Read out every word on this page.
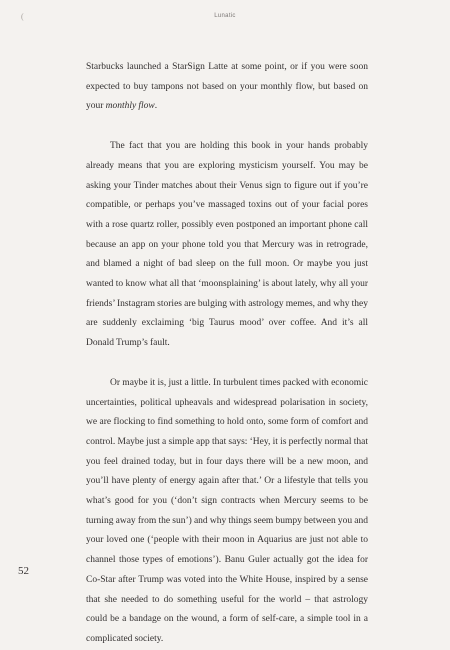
(	Lunatic

Starbucks launched a StarSign Latte at some point, or if you were soon expected to buy tampons not based on your monthly flow, but based on your monthly flow.

The fact that you are holding this book in your hands probably already means that you are exploring mysticism yourself. You may be asking your Tinder matches about their Venus sign to figure out if you’re compatible, or perhaps you’ve massaged toxins out of your facial pores with a rose quartz roller, possibly even postponed an important phone call because an app on your phone told you that Mercury was in retrograde, and blamed a night of bad sleep on the full moon. Or maybe you just wanted to know what all that ‘moonsplaining’ is about lately, why all your friends’ Instagram stories are bulging with astrology memes, and why they are suddenly exclaiming ‘big Taurus mood’ over coffee. And it’s all Donald Trump’s fault.

Or maybe it is, just a little. In turbulent times packed with economic uncertainties, political upheavals and widespread polarisation in society, we are flocking to find something to hold onto, some form of comfort and control. Maybe just a simple app that says: ‘Hey, it is perfectly normal that you feel drained today, but in four days there will be a new moon, and you’ll have plenty of energy again after that.’ Or a lifestyle that tells you what’s good for you (‘don’t sign contracts when Mercury seems to be turning away from the sun’) and why things seem bumpy between you and your loved one (‘people with their moon in Aquarius are just not able to channel those types of emotions’). Banu Guler actually got the idea for Co-Star after Trump was voted into the White House, inspired by a sense that she needed to do something useful for the world – that astrology could be a bandage on the wound, a form of self-care, a simple tool in a complicated society.

52
